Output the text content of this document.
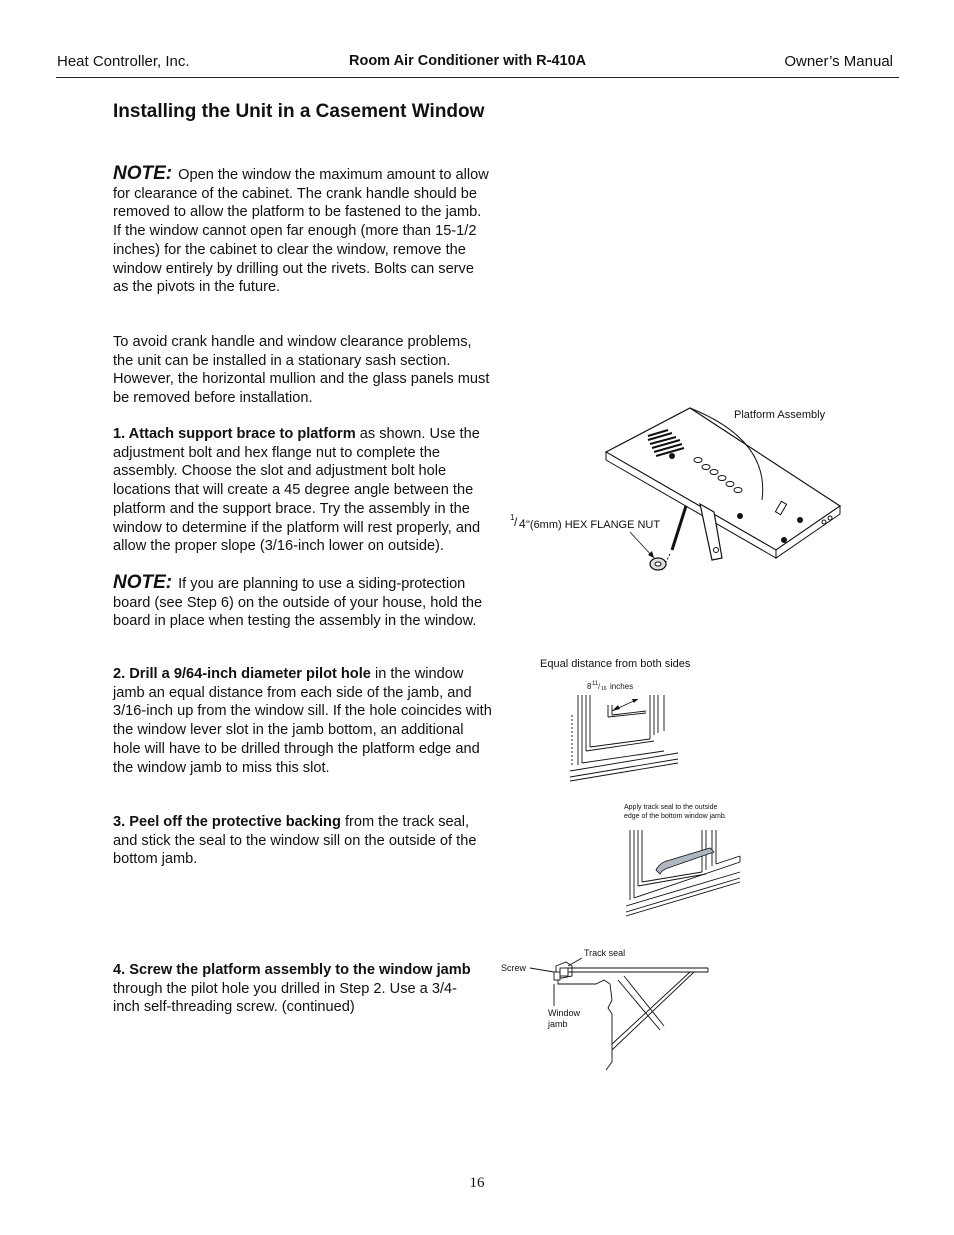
Heat Controller, Inc.	Room Air Conditioner with R-410A	Owner’s Manual
Installing the Unit in a Casement Window
NOTE: Open the window the maximum amount to allow for clearance of the cabinet. The crank handle should be removed to allow the platform to be fastened to the jamb. If the window cannot open far enough (more than 15-1/2 inches) for the cabinet to clear the window, remove the window entirely by drilling out the rivets. Bolts can serve as the pivots in the future.
To avoid crank handle and window clearance problems, the unit can be installed in a stationary sash section. However, the horizontal mullion and the glass panels must be removed before installation.
1. Attach support brace to platform as shown. Use the adjustment bolt and hex flange nut to complete the assembly. Choose the slot and adjustment bolt hole locations that will create a 45 degree angle between the platform and the support brace. Try the assembly in the window to determine if the platform will rest properly, and allow the proper slope (3/16-inch lower on outside).
NOTE: If you are planning to use a siding-protection board (see Step 6) on the outside of your house, hold the board in place when testing the assembly in the window.
2. Drill a 9/64-inch diameter pilot hole in the window jamb an equal distance from each side of the jamb, and 3/16-inch up from the window sill. If the hole coincides with the window lever slot in the jamb bottom, an additional hole will have to be drilled through the platform edge and the window jamb to miss this slot.
3. Peel off the protective backing from the track seal, and stick the seal to the window sill on the outside of the bottom jamb.
4. Screw the platform assembly to the window jamb through the pilot hole you drilled in Step 2. Use a 3/4-inch self-threading screw. (continued)
Platform Assembly
1 / 4 "(6mm) HEX FLANGE NUT
Equal distance from both sides
8 11 / 16 inches
Apply track seal to the outside
edge of the bottom window jamb.
Track seal
Screw
Window
jamb
16
